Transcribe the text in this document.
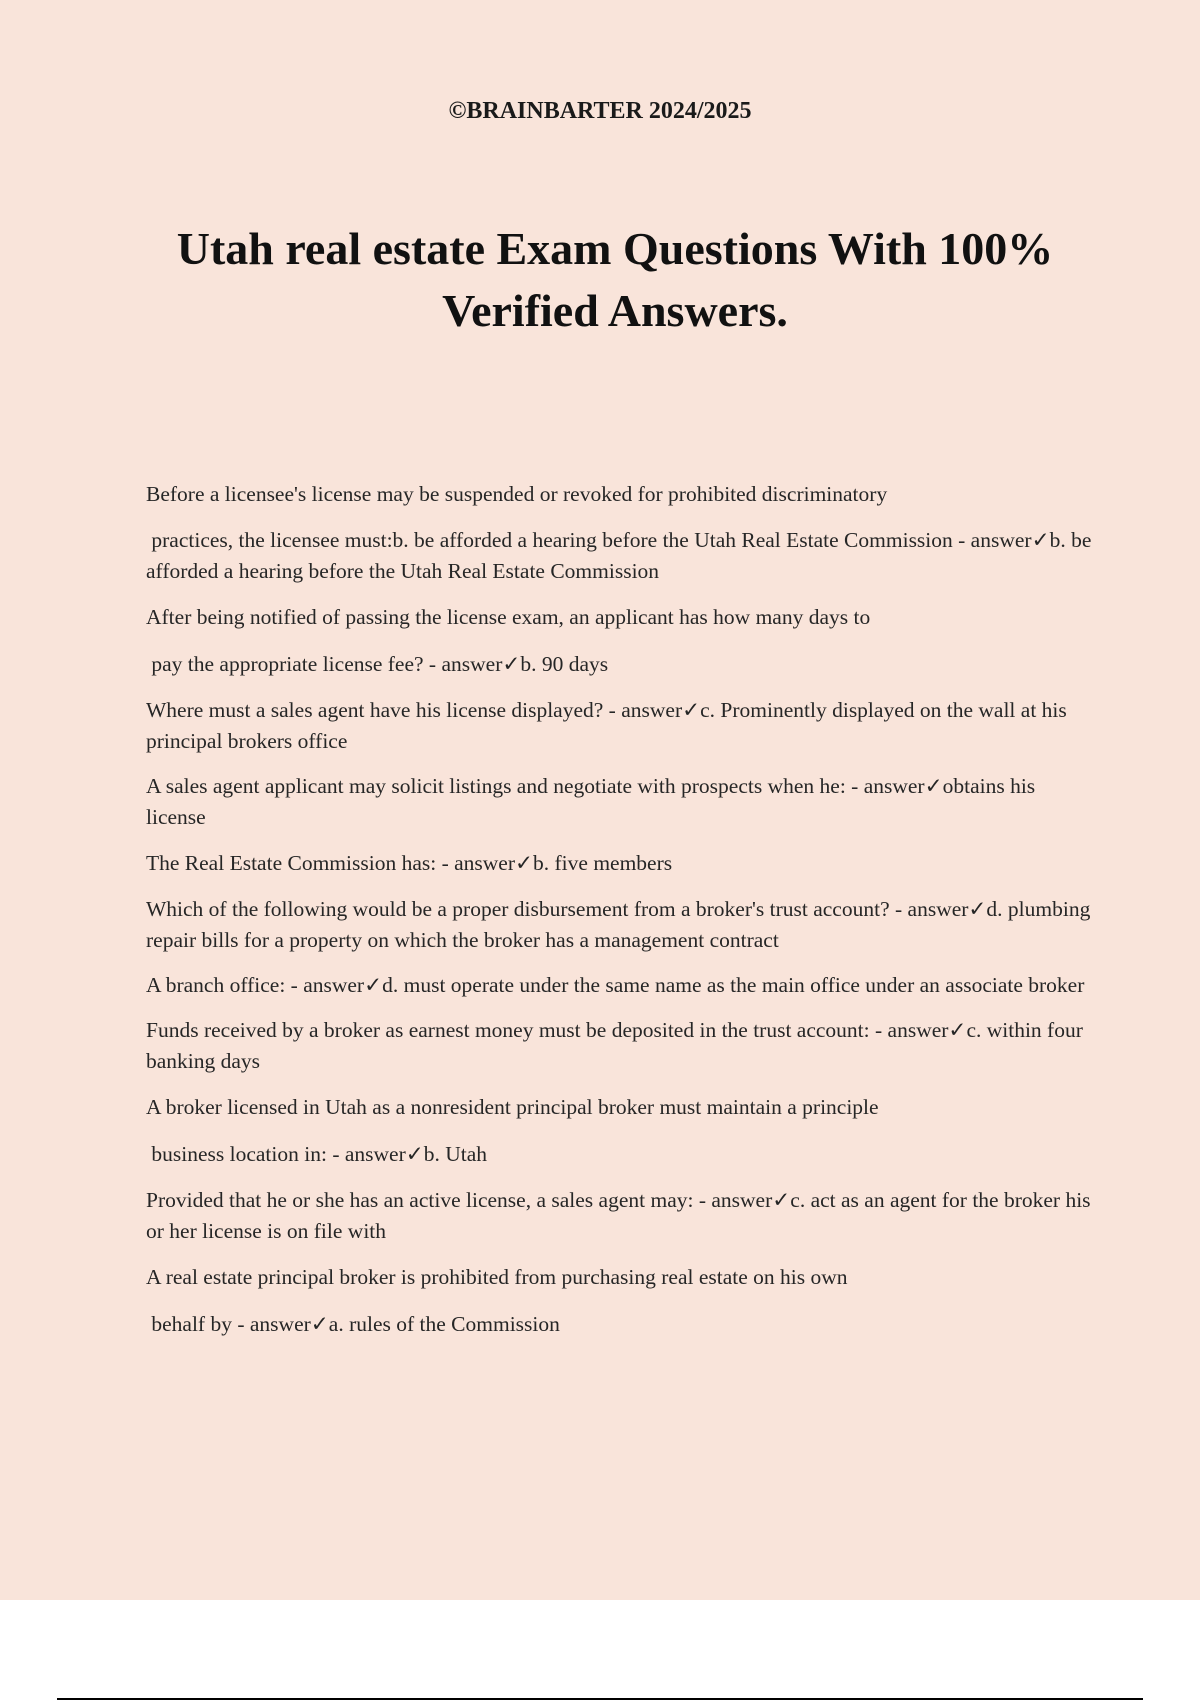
©BRAINBARTER 2024/2025
Utah real estate Exam Questions With 100% Verified Answers.

Before a licensee's license may be suspended or revoked for prohibited discriminatory

practices, the licensee must:b. be afforded a hearing before the Utah Real Estate Commission - answer✓b. be afforded a hearing before the Utah Real Estate Commission

After being notified of passing the license exam, an applicant has how many days to

pay the appropriate license fee? - answer✓b. 90 days

Where must a sales agent have his license displayed? - answer✓c. Prominently displayed on the wall at his principal brokers office

A sales agent applicant may solicit listings and negotiate with prospects when he: - answer✓obtains his license

The Real Estate Commission has: - answer✓b. five members

Which of the following would be a proper disbursement from a broker's trust account? - answer✓d. plumbing repair bills for a property on which the broker has a management contract

A branch office: - answer✓d. must operate under the same name as the main office under an associate broker

Funds received by a broker as earnest money must be deposited in the trust account: - answer✓c. within four banking days

A broker licensed in Utah as a nonresident principal broker must maintain a principle

business location in: - answer✓b. Utah

Provided that he or she has an active license, a sales agent may: - answer✓c. act as an agent for the broker his or her license is on file with

A real estate principal broker is prohibited from purchasing real estate on his own

behalf by - answer✓a. rules of the Commission
